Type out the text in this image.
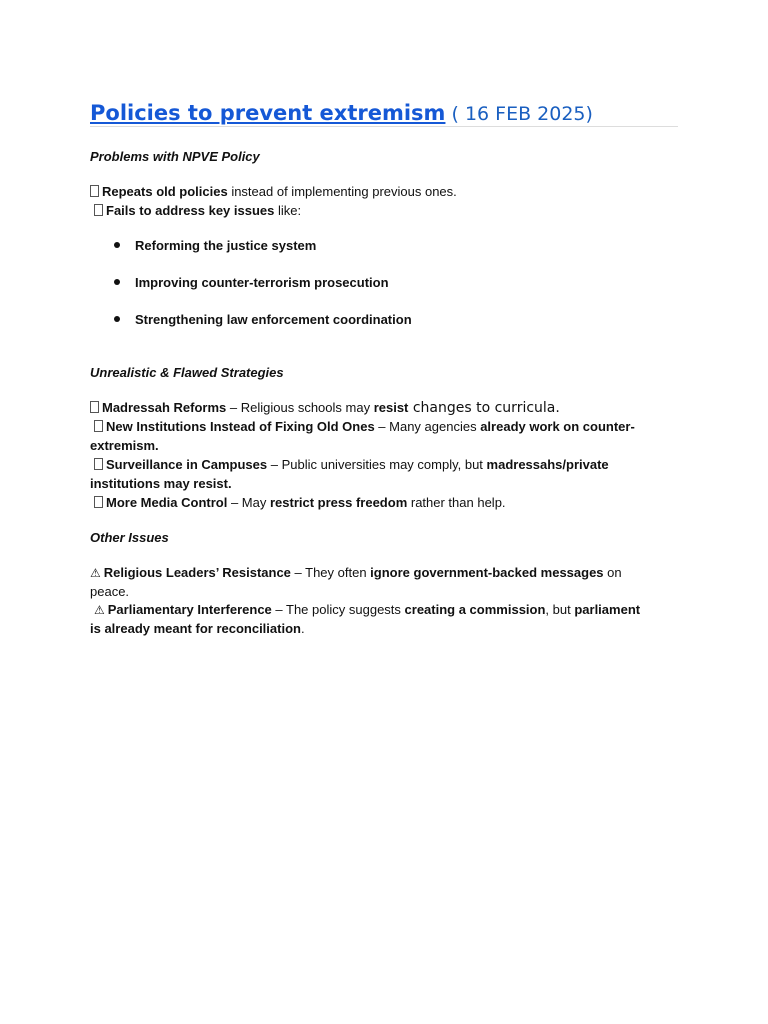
Policies to prevent extremism ( 16 FEB 2025)
Problems with NPVE Policy
Repeats old policies instead of implementing previous ones.
Fails to address key issues like:
Reforming the justice system
Improving counter-terrorism prosecution
Strengthening law enforcement coordination
Unrealistic & Flawed Strategies
Madressah Reforms – Religious schools may resist changes to curricula.
New Institutions Instead of Fixing Old Ones – Many agencies already work on counter-
extremism.
Surveillance in Campuses – Public universities may comply, but madressahs/private
institutions may resist.
More Media Control – May restrict press freedom rather than help.
Other Issues
⚠ Religious Leaders’ Resistance – They often ignore government-backed messages on
peace.
⚠ Parliamentary Interference – The policy suggests creating a commission, but parliament
is already meant for reconciliation.
